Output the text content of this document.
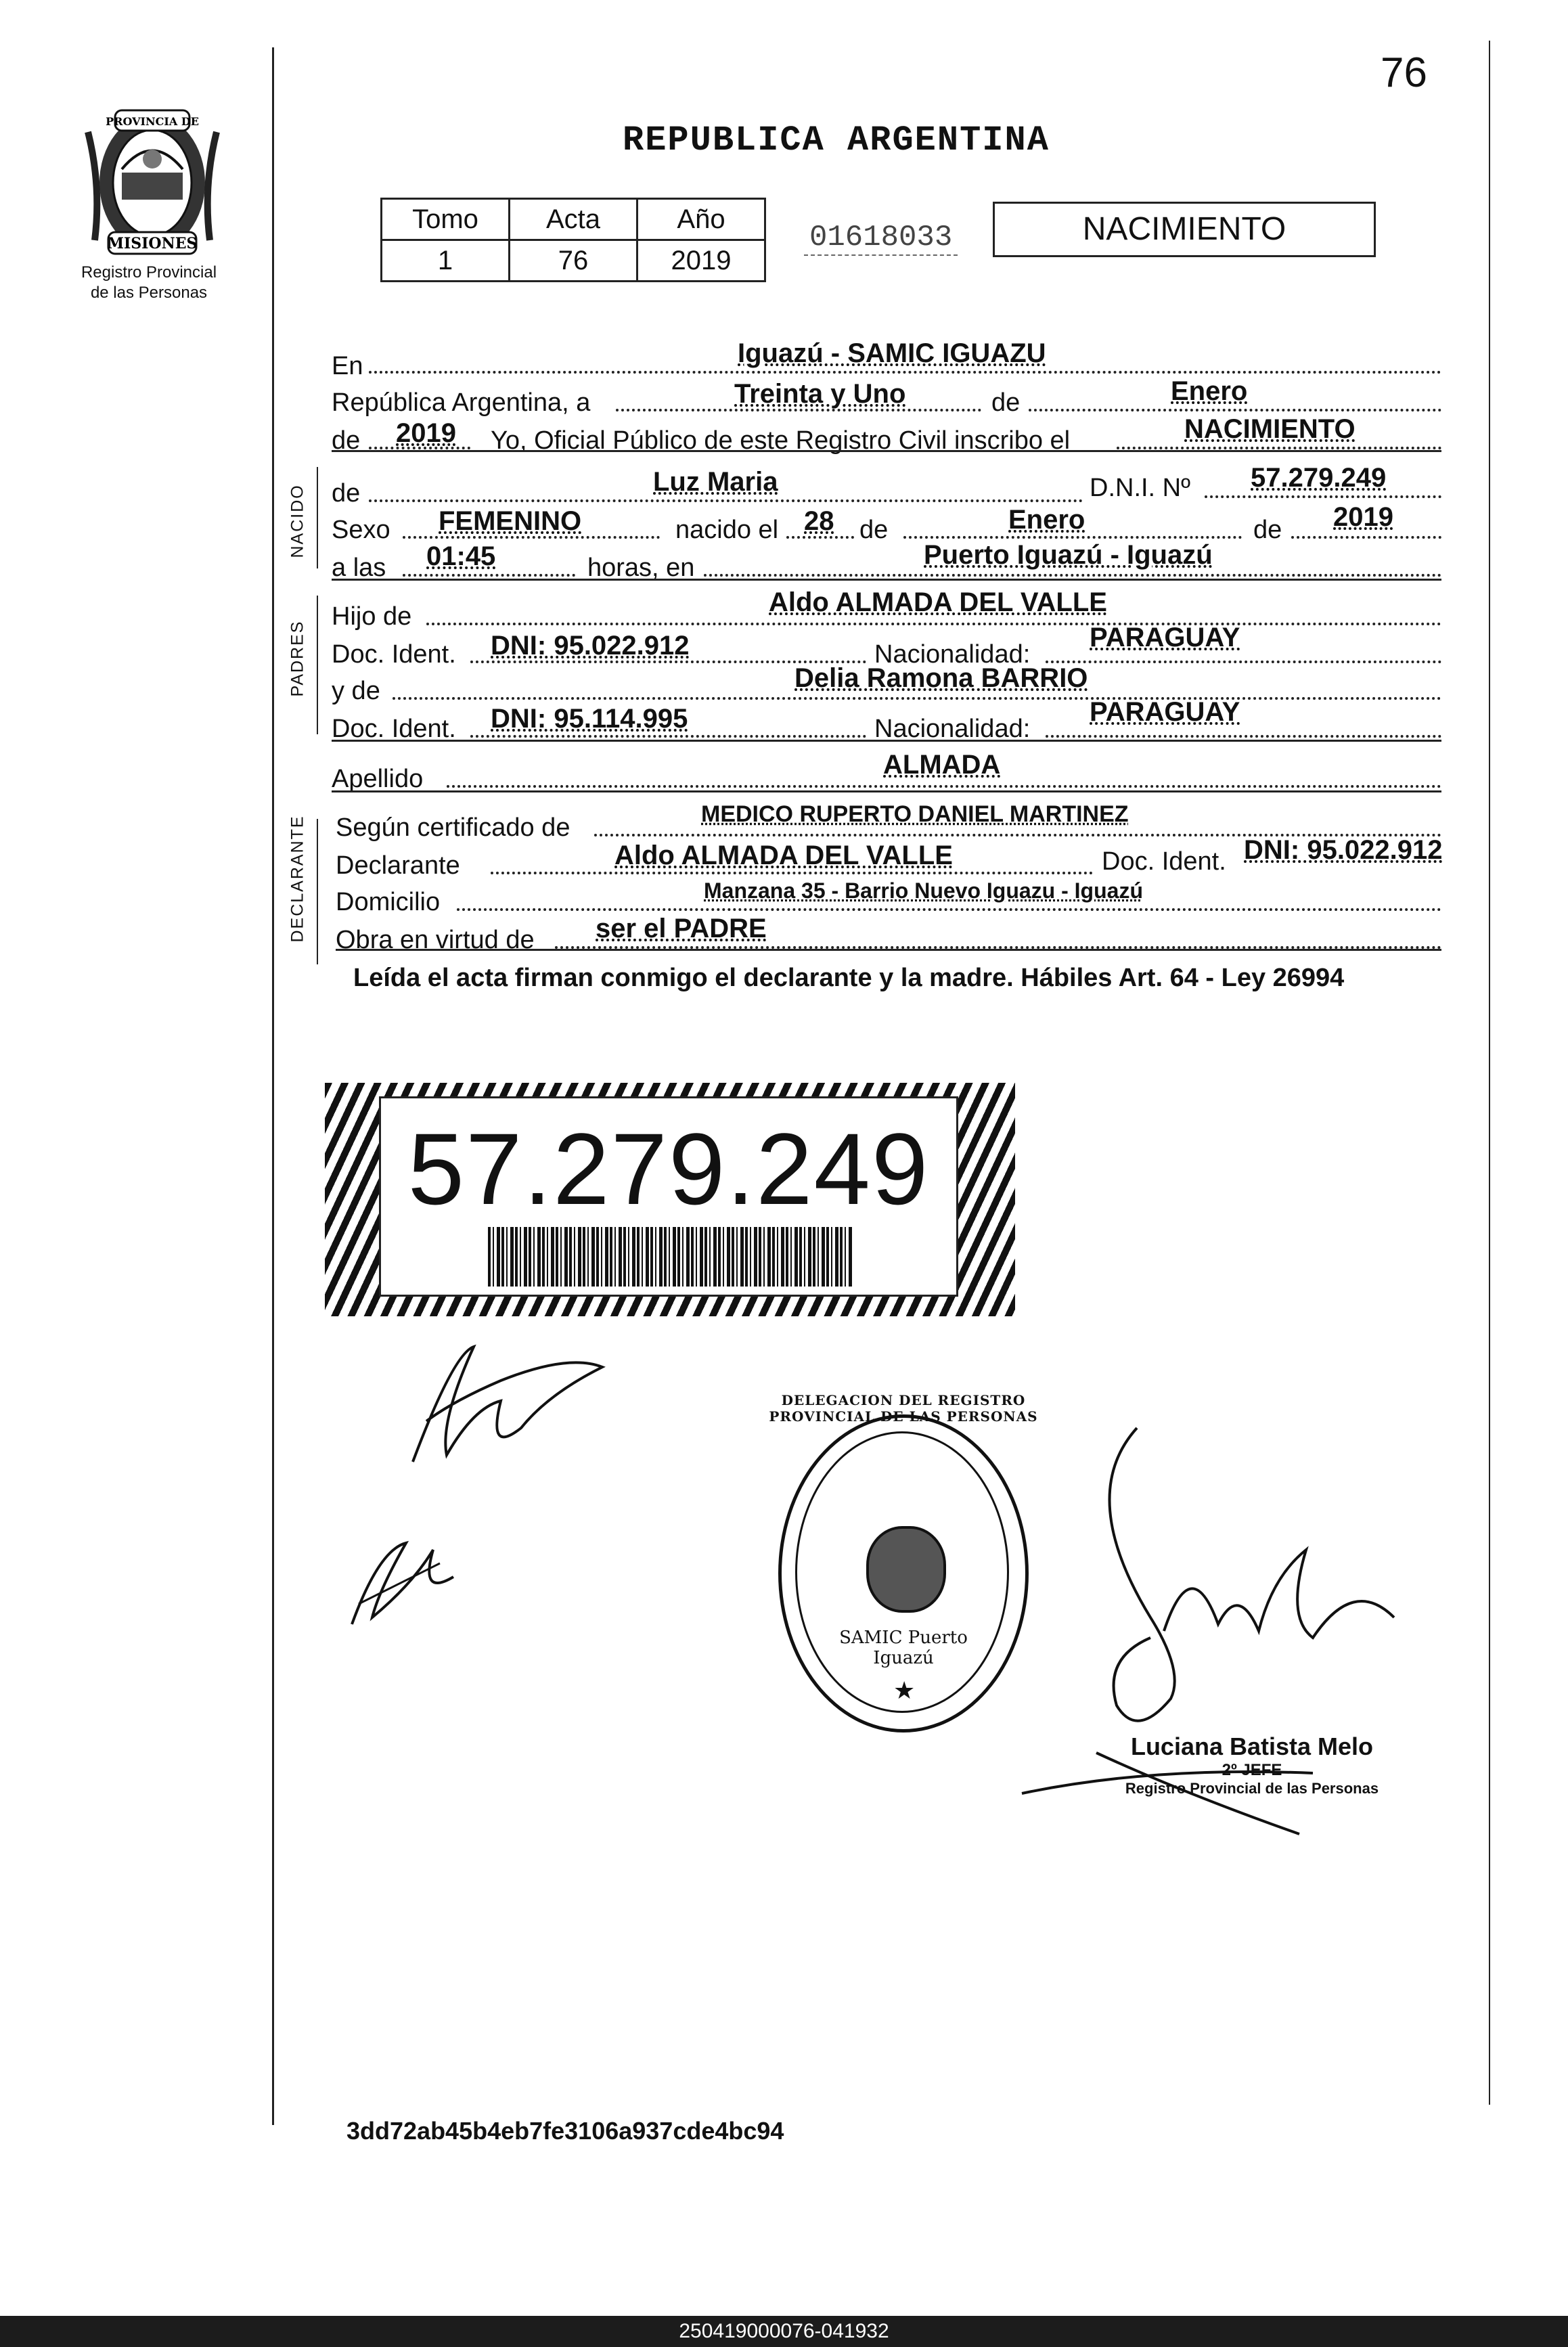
76
PROVINCIA DE
MISIONES
Registro Provincial
de las Personas
REPUBLICA ARGENTINA
Tomo	Acta	Año
1	76	2019
01618033	NACIMIENTO
En	Iguazú - SAMIC IGUAZU
República Argentina, a	Treinta y Uno	de	Enero
de 2019 Yo, Oficial Público de este Registro Civil inscribo el	NACIMIENTO
NACIDO de	Luz Maria	D.N.I. Nº 57.279.249
Sexo FEMENINO	nacido el 28 de	Enero	de 2019
a las 01:45	horas, en	Puerto Iguazú - Iguazú
PADRES
Hijo de	Aldo ALMADA DEL VALLE
Doc. Ident. DNI: 95.022.912	Nacionalidad:
PARAGUAY
y de	Delia Ramona BARRIO
Doc. Ident. DNI: 95.114.995	Nacionalidad:
PARAGUAY
Apellido	ALMADA
DECLARANTE Según certificado de	MEDICO RUPERTO DANIEL MARTINEZ
Declarante	Aldo ALMADA DEL VALLE	Doc. Ident. DNI: 95.022.912
Domicilio	Manzana 35 - Barrio Nuevo Iguazu - Iguazú
Obra en virtud de ser el PADRE
Leída el acta firman conmigo el declarante y la madre. Hábiles Art. 64 - Ley 26994
57.279.249
DELEGACION DEL REGISTRO PROVINCIAL DE LAS PERSONAS
SAMIC Puerto Iguazú
★
Luciana Batista Melo
2º JEFE
Registro Provincial de las Personas
3dd72ab45b4eb7fe3106a937cde4bc94
250419000076-041932
